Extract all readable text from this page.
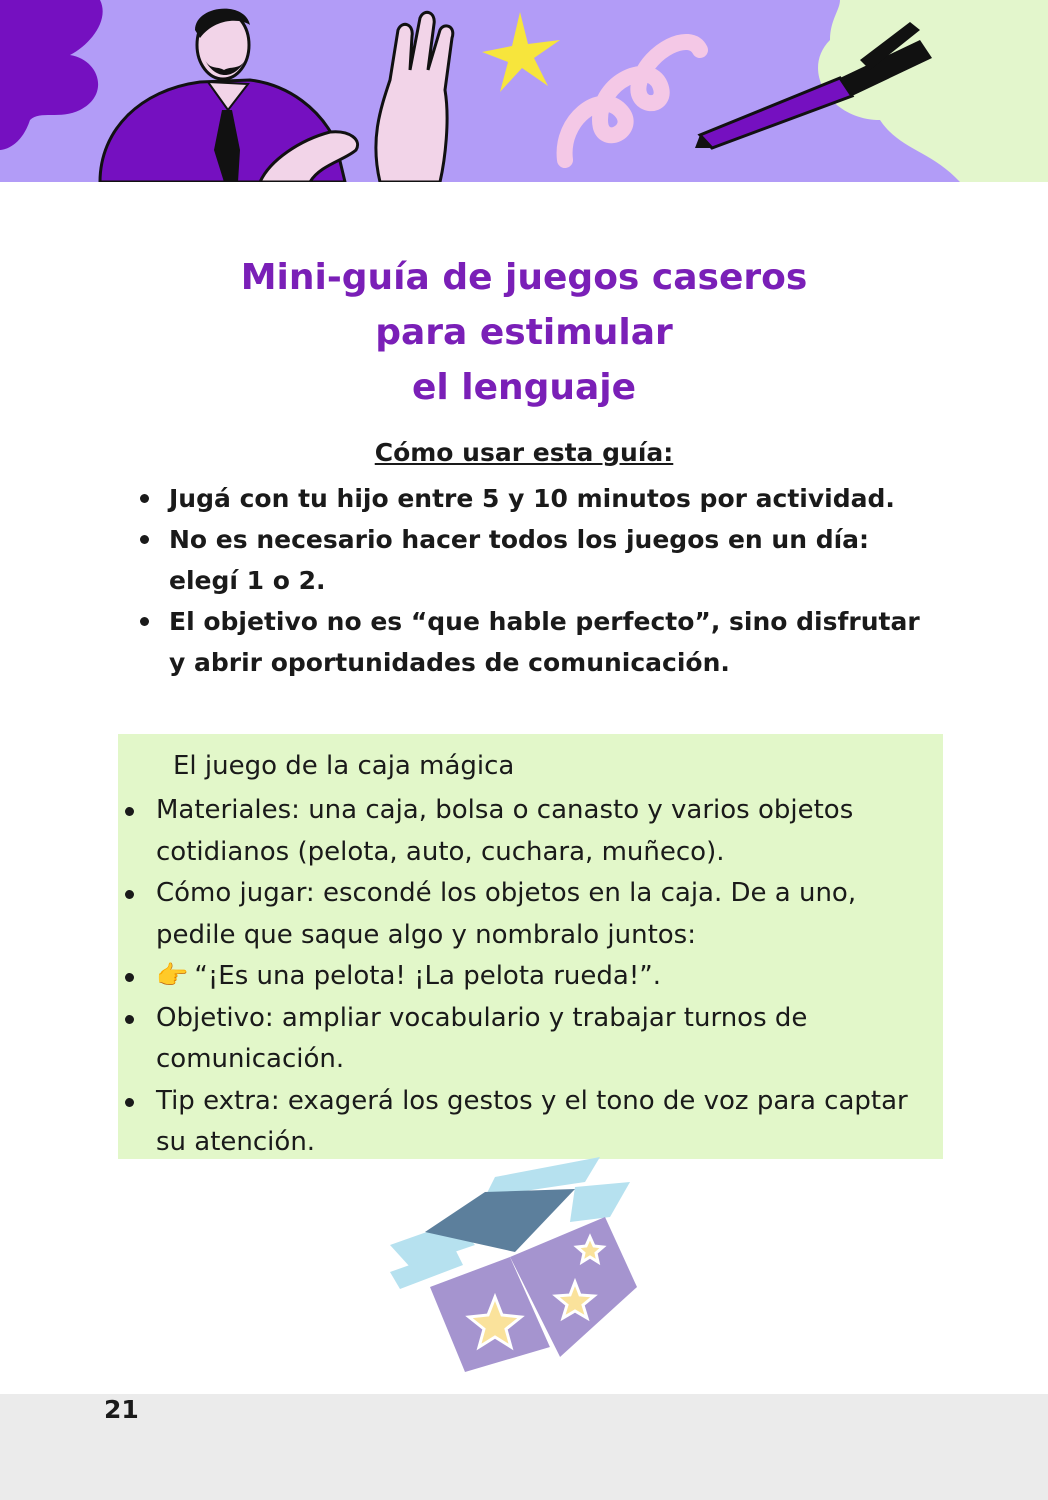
Mini-guía de juegos caseros
para estimular
el lenguaje
Cómo usar esta guía:
Jugá con tu hijo entre 5 y 10 minutos por actividad.
No es necesario hacer todos los juegos en un día: elegí 1 o 2.
El objetivo no es “que hable perfecto”, sino disfrutar y abrir oportunidades de comunicación.
El juego de la caja mágica
Materiales: una caja, bolsa o canasto y varios objetos cotidianos (pelota, auto, cuchara, muñeco).
Cómo jugar: escondé los objetos en la caja. De a uno, pedile que saque algo y nombralo juntos:
👉 “¡Es una pelota! ¡La pelota rueda!”.
Objetivo: ampliar vocabulario y trabajar turnos de comunicación.
Tip extra: exagerá los gestos y el tono de voz para captar su atención.
21
